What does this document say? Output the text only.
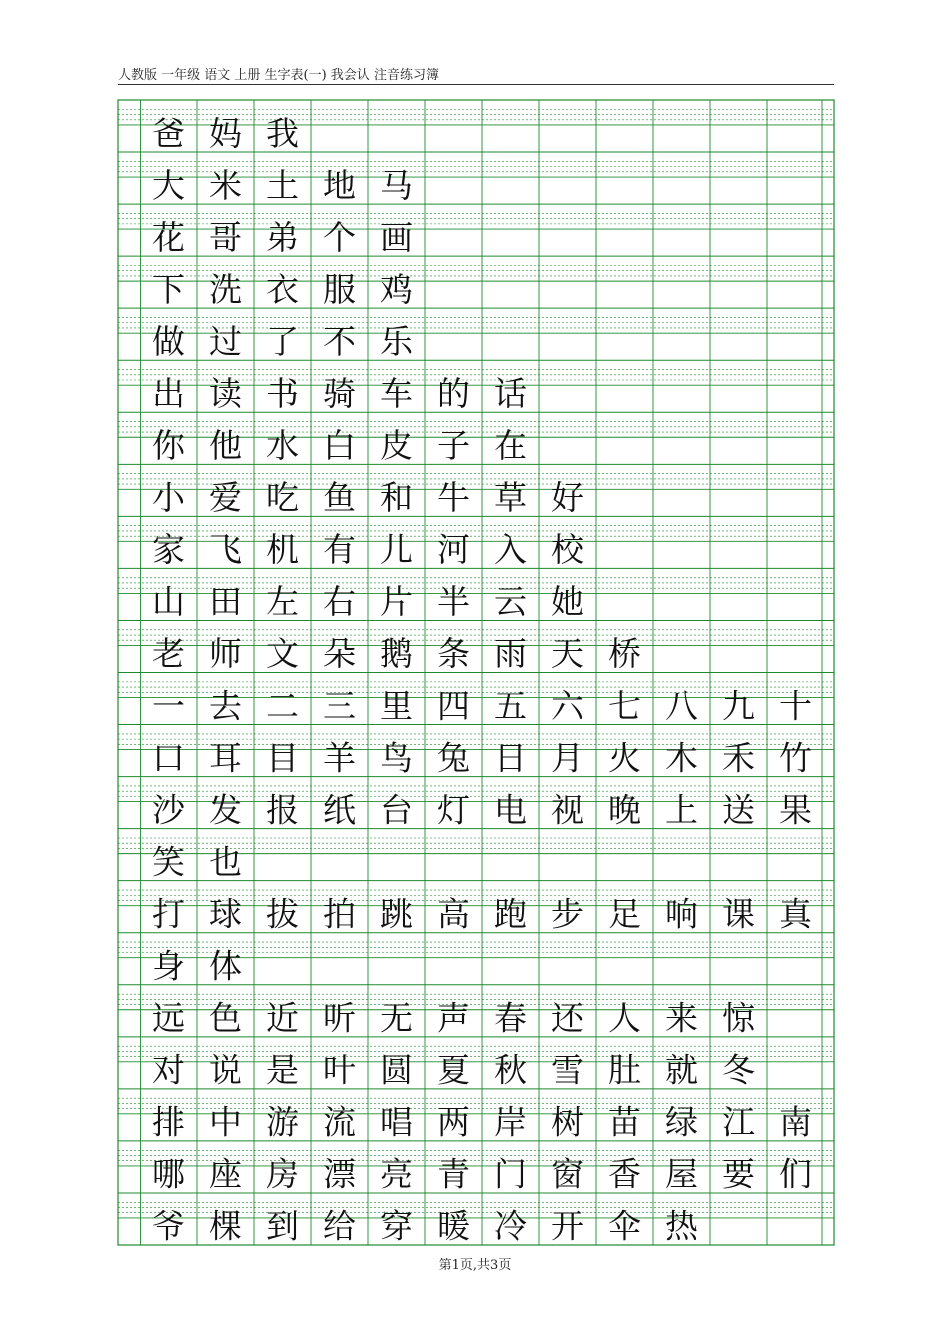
人教版 一年级 语文 上册 生字表(一) 我会认 注音练习簿
爸 妈 我
大 米 土 地 马
花 哥 弟 个 画
下 洗 衣 服 鸡
做 过 了 不 乐
出 读 书 骑 车 的 话
你 他 水 白 皮 子 在
小 爱 吃 鱼 和 牛 草 好
家 飞 机 有 儿 河 入 校
山 田 左 右 片 半 云 她
老 师 文 朵 鹅 条 雨 天 桥
一 去 二 三 里 四 五 六 七 八 九 十
口 耳 目 羊 鸟 兔 日 月 火 木 禾 竹
沙 发 报 纸 台 灯 电 视 晚 上 送 果
笑 也
打 球 拔 拍 跳 高 跑 步 足 响 课 真
身 体
远 色 近 听 无 声 春 还 人 来 惊
对 说 是 叶 圆 夏 秋 雪 肚 就 冬
排 中 游 流 唱 两 岸 树 苗 绿 江 南
哪 座 房 漂 亮 青 门 窗 香 屋 要 们
爷 棵 到 给 穿 暖 冷 开 伞 热
第1页,共3页
